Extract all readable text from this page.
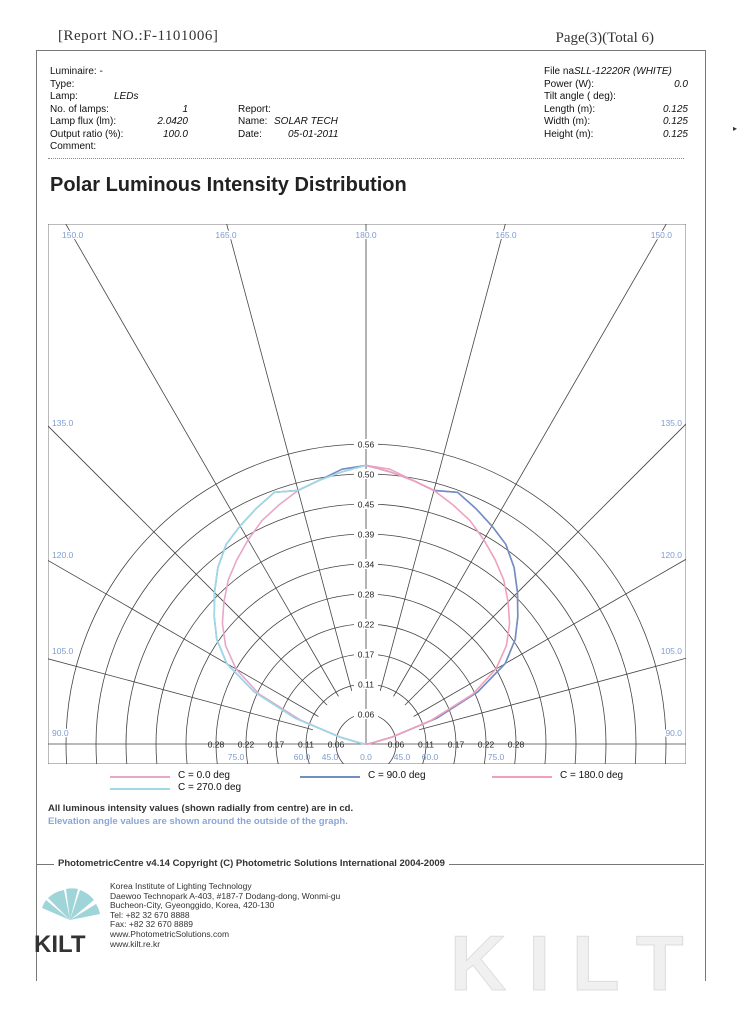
[Report NO.:F-1101006]	Page(3)(Total 6)
▸
Luminaire: -
Type:
Lamp:	LEDs
No. of lamps:	1
Lamp flux (lm):	2.0420
Output ratio (%):	100.0
Comment:
Report:
Name: SOLAR TECH
Date:	05-01-2011
File naSLL-12220R (WHITE)
Power (W):	0.0
Tilt angle ( deg):
Length (m):	0.125
Width (m):	0.125
Height (m):	0.125
Polar Luminous Intensity Distribution
0.06
0.11
0.17
0.22
0.28
0.34
0.39
0.45
0.50
0.56
0.28 0.22 0.17 0.11 0.06	0.06 0.11 0.17 0.22 0.28
180.0
165.0	165.0
150.0	150.0
135.0	135.0
120.0	120.0
105.0	105.0
90.0	90.0
75.0	60.0 45.0	0.0	45.0 60.0	75.0
C = 0.0 deg	C = 90.0 deg	C = 180.0 deg
C = 270.0 deg
All luminous intensity values (shown radially from centre) are in cd.
Elevation angle values are shown around the outside of the graph.
PhotometricCentre v4.14 Copyright (C) Photometric Solutions International 2004-2009
KILT
Korea Institute of Lighting Technology
Daewoo Technopark A-403, #187-7 Dodang-dong, Wonmi-gu
Bucheon-City, Gyeonggido, Korea, 420-130
Tel: +82 32 670 8888
Fax: +82 32 670 8889
www.PhotometricSolutions.com
www.kilt.re.kr	KILT
